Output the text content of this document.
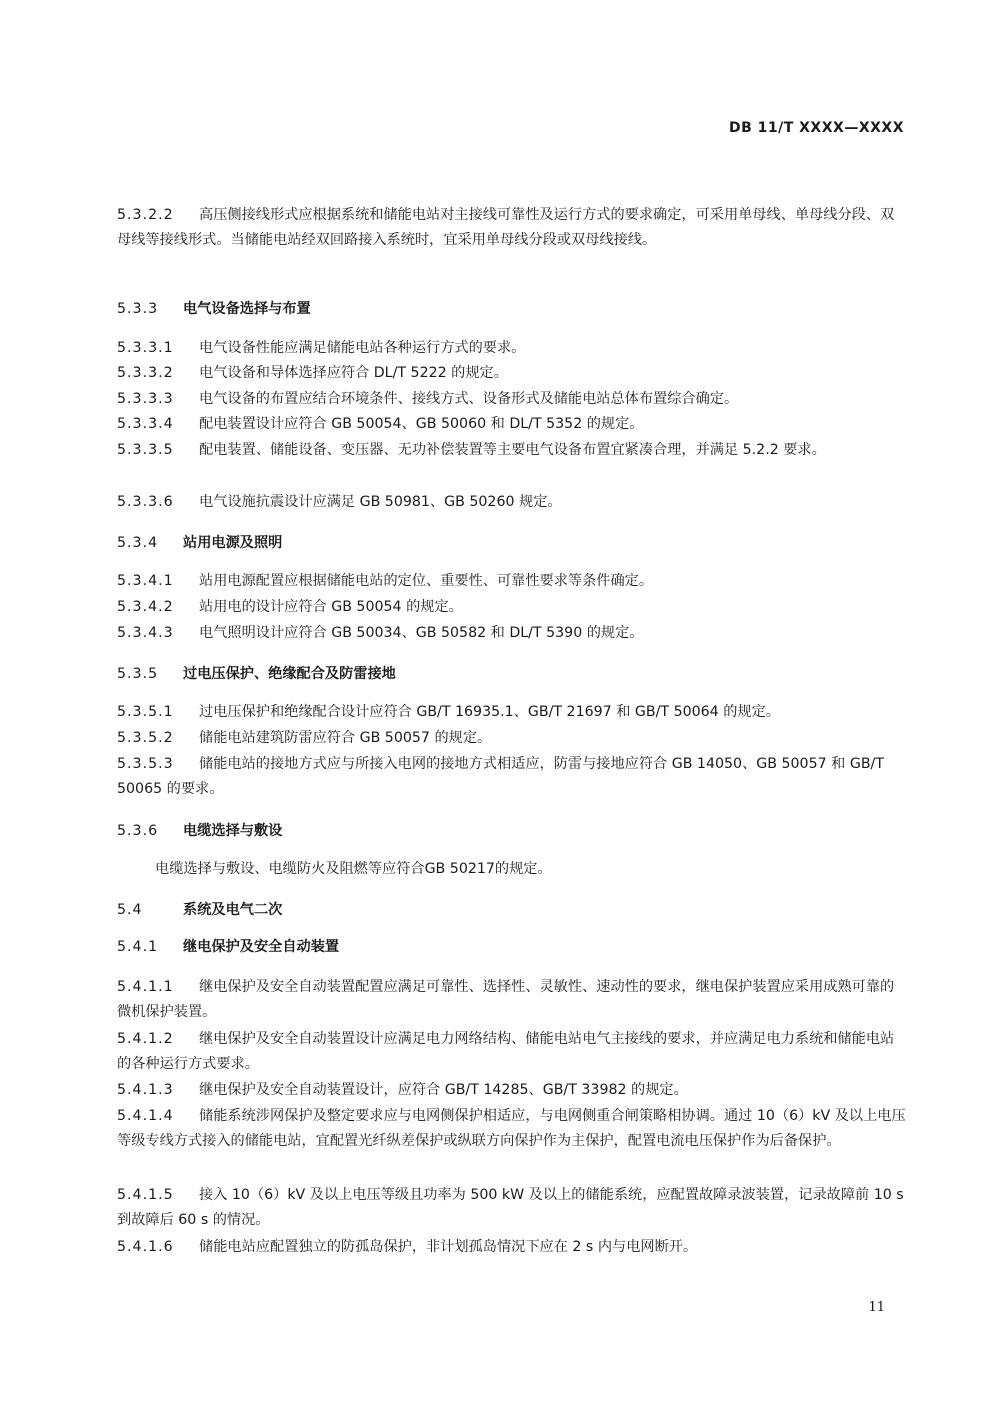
DB 11/T XXXX—XXXX
5.3.2.2 高压侧接线形式应根据系统和储能电站对主接线可靠性及运行方式的要求确定，可采用单母线、单母线分段、双母线等接线形式。当储能电站经双回路接入系统时，宜采用单母线分段或双母线接线。
5.3.3 电气设备选择与布置
5.3.3.1 电气设备性能应满足储能电站各种运行方式的要求。
5.3.3.2 电气设备和导体选择应符合 DL/T 5222 的规定。
5.3.3.3 电气设备的布置应结合环境条件、接线方式、设备形式及储能电站总体布置综合确定。
5.3.3.4 配电装置设计应符合 GB 50054、GB 50060 和 DL/T 5352 的规定。
5.3.3.5 配电装置、储能设备、变压器、无功补偿装置等主要电气设备布置宜紧凑合理，并满足 5.2.2 要求。
5.3.3.6 电气设施抗震设计应满足 GB 50981、GB 50260 规定。
5.3.4 站用电源及照明
5.3.4.1 站用电源配置应根据储能电站的定位、重要性、可靠性要求等条件确定。
5.3.4.2 站用电的设计应符合 GB 50054 的规定。
5.3.4.3 电气照明设计应符合 GB 50034、GB 50582 和 DL/T 5390 的规定。
5.3.5 过电压保护、绝缘配合及防雷接地
5.3.5.1 过电压保护和绝缘配合设计应符合 GB/T 16935.1、GB/T 21697 和 GB/T 50064 的规定。
5.3.5.2 储能电站建筑防雷应符合 GB 50057 的规定。
5.3.5.3 储能电站的接地方式应与所接入电网的接地方式相适应，防雷与接地应符合 GB 14050、GB 50057 和 GB/T 50065 的要求。
5.3.6 电缆选择与敷设
电缆选择与敷设、电缆防火及阻燃等应符合GB 50217的规定。
5.4	系统及电气二次
5.4.1 继电保护及安全自动装置
5.4.1.1 继电保护及安全自动装置配置应满足可靠性、选择性、灵敏性、速动性的要求，继电保护装置应采用成熟可靠的微机保护装置。
5.4.1.2 继电保护及安全自动装置设计应满足电力网络结构、储能电站电气主接线的要求，并应满足电力系统和储能电站的各种运行方式要求。
5.4.1.3 继电保护及安全自动装置设计，应符合 GB/T 14285、GB/T 33982 的规定。
5.4.1.4 储能系统涉网保护及整定要求应与电网侧保护相适应，与电网侧重合闸策略相协调。通过 10（6）kV 及以上电压等级专线方式接入的储能电站，宜配置光纤纵差保护或纵联方向保护作为主保护，配置电流电压保护作为后备保护。
5.4.1.5 接入 10（6）kV 及以上电压等级且功率为 500 kW 及以上的储能系统，应配置故障录波装置，记录故障前 10 s 到故障后 60 s 的情况。
5.4.1.6 储能电站应配置独立的防孤岛保护，非计划孤岛情况下应在 2 s 内与电网断开。
11
